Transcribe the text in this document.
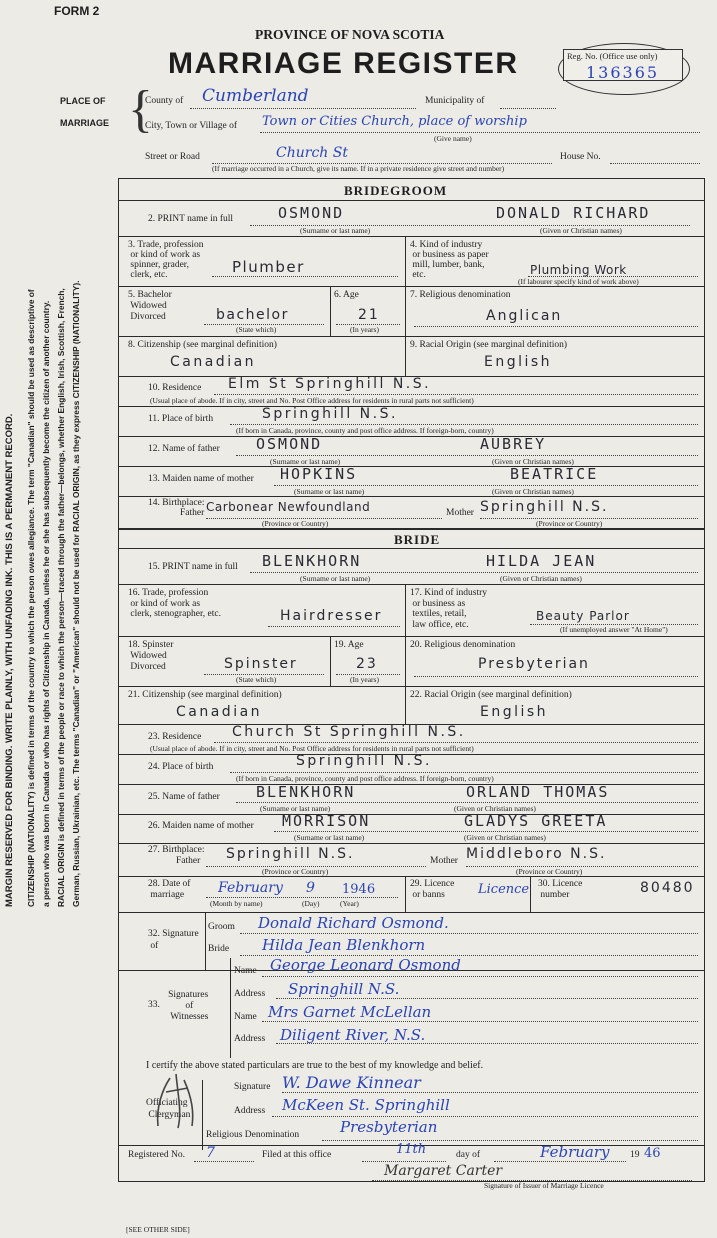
FORM 2
PROVINCE OF NOVA SCOTIA
MARRIAGE REGISTER	Reg. No. (Office use only)
136365
PLACE OF
MARRIAGE {
County of Cumberland	Municipality of
City, Town or Village of Town or Cities Church, place of worship
(Give name)
Street or Road	Church St	House No.
(If marriage occurred in a Church, give its name. If in a private residence give street and number)
MARGIN RESERVED FOR BINDING. WRITE PLAINLY, WITH UNFADING INK. THIS IS A PERMANENT RECORD. CITIZENSHIP (NATIONALITY) is defined in terms of the country to which the person owes allegiance. The term "Canadian" should be used as descriptive of a person who was born in Canada or who has rights of Citizenship in Canada, unless he or she has subsequently become the citizen of another country. RACIAL ORIGIN is defined in terms of the people or race to which the person—traced through the father—belongs, whether English, Irish, Scottish, French, German, Russian, Ukrainian, etc. The terms "Canadian" or "American" should not be used for RACIAL ORIGIN, as they express CITIZENSHIP (NATIONALITY).
BRIDEGROOM
2. PRINT name in full	OSMOND	DONALD RICHARD
(Surname or last name)	(Given or Christian names)
3. Trade, profession
or kind of work as
spinner, grader,
clerk, etc.	Plumber
4. Kind of industry
or business as paper
mill, lumber, bank,
etc.	Plumbing Work
(If labourer specify kind of work above)
5. Bachelor
Widowed
Divorced	bachelor
(State which)
6. Age
21
(In years)
7. Religious denomination
Anglican
8. Citizenship (see marginal definition)
Canadian
9. Racial Origin (see marginal definition)
English
10. Residence Elm St Springhill N.S.
(Usual place of abode. If in city, street and No. Post Office address for residents in rural parts not sufficient)
11. Place of birth	Springhill N.S.
(If born in Canada, province, county and post office address. If foreign-born, country)
12. Name of father OSMOND	AUBREY
(Surname or last name)	(Given or Christian names)
13. Maiden name of mother HOPKINS	BEATRICE
(Surname or last name)	(Given or Christian names)
14. Birthplace:
Father Carbonear Newfoundland
(Province or Country)
Mother Springhill N.S.
(Province or Country)
BRIDE
15. PRINT name in full BLENKHORN	HILDA JEAN
(Surname or last name)	(Given or Christian names)
16. Trade, profession
or kind of work as
clerk, stenographer, etc.	Hairdresser
17. Kind of industry
or business as
textiles, retail,
law office, etc.
Beauty Parlor
(If unemployed answer "At Home")
18. Spinster
Widowed
Divorced	Spinster
(State which)
19. Age
23
(In years)
20. Religious denomination
Presbyterian
21. Citizenship (see marginal definition)
Canadian
22. Racial Origin (see marginal definition)
English
23. Residence Church St Springhill N.S.
(Usual place of abode. If in city, street and No. Post Office address for residents in rural parts not sufficient)
24. Place of birth	Springhill N.S.
(If born in Canada, province, county and post office address. If foreign-born, country)
25. Name of father BLENKHORN	ORLAND THOMAS
(Surname or last name)	(Given or Christian names)
26. Maiden name of mother MORRISON	GLADYS GREETA
(Surname or last name)	(Given or Christian names)
27. Birthplace:
Father Springhill N.S.
(Province or Country)
Mother Middleboro N.S.
(Province or Country)
28. Date of
marriage	February 9 1946
(Month by name)	(Day)	(Year)
29. Licence
or banns	Licence 30. Licence
number	80480
32. Signature
of
Groom Donald Richard Osmond.
Bride Hilda Jean Blenkhorn
33.
Signatures
of
Witnesses
Name George Leonard Osmond
Address Springhill N.S.
Name Mrs Garnet McLellan
Address Diligent River, N.S.
I certify the above stated particulars are true to the best of my knowledge and belief.
Officiating
Clergyman
Signature W. Dawe Kinnear
Address McKeen St. Springhill
Religious Denomination	Presbyterian
Registered No. 7	Filed at this office	11th	day of	February 19 46
Margaret Carter
Signature of Issuer of Marriage Licence
[SEE OTHER SIDE]
